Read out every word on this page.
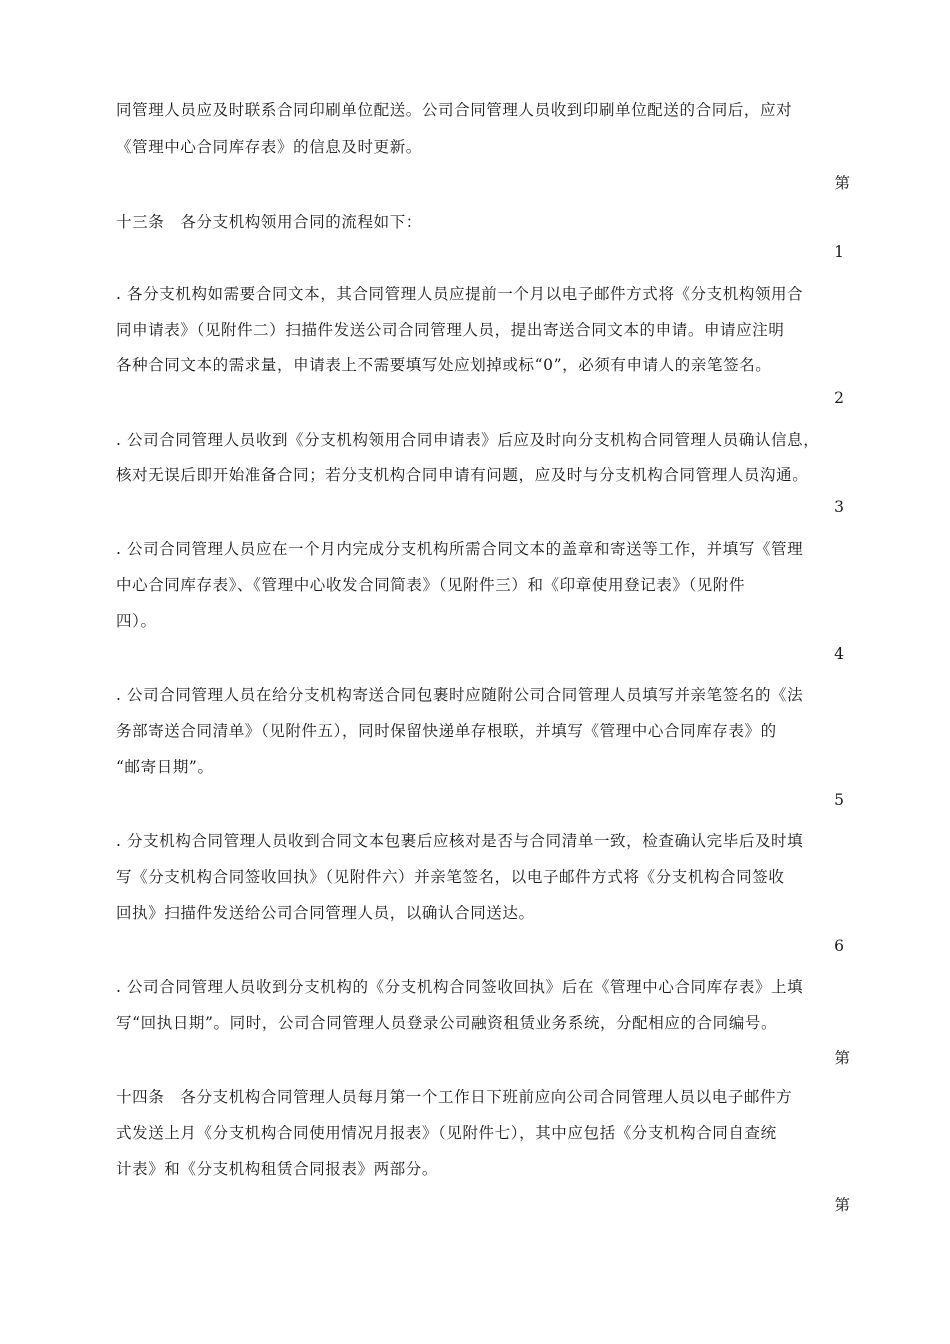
同管理人员应及时联系合同印刷单位配送。公司合同管理人员收到印刷单位配送的合同后，应对
《管理中心合同库存表》的信息及时更新。
第
十三条　各分支机构领用合同的流程如下：
1
. 各分支机构如需要合同文本，其合同管理人员应提前一个月以电子邮件方式将《分支机构领用合
同申请表》（见附件二）扫描件发送公司合同管理人员，提出寄送合同文本的申请。申请应注明
各种合同文本的需求量，申请表上不需要填写处应划掉或标“0”，必须有申请人的亲笔签名。
2
. 公司合同管理人员收到《分支机构领用合同申请表》后应及时向分支机构合同管理人员确认信息，
核对无误后即开始准备合同；若分支机构合同申请有问题，应及时与分支机构合同管理人员沟通。
3
. 公司合同管理人员应在一个月内完成分支机构所需合同文本的盖章和寄送等工作，并填写《管理
中心合同库存表》、《管理中心收发合同简表》（见附件三）和《印章使用登记表》（见附件
四）。
4
. 公司合同管理人员在给分支机构寄送合同包裹时应随附公司合同管理人员填写并亲笔签名的《法
务部寄送合同清单》（见附件五），同时保留快递单存根联，并填写《管理中心合同库存表》的
“邮寄日期”。
5
. 分支机构合同管理人员收到合同文本包裹后应核对是否与合同清单一致，检查确认完毕后及时填
写《分支机构合同签收回执》（见附件六）并亲笔签名，以电子邮件方式将《分支机构合同签收
回执》扫描件发送给公司合同管理人员，以确认合同送达。
6
. 公司合同管理人员收到分支机构的《分支机构合同签收回执》后在《管理中心合同库存表》上填
写“回执日期”。同时，公司合同管理人员登录公司融资租赁业务系统，分配相应的合同编号。
第
十四条　各分支机构合同管理人员每月第一个工作日下班前应向公司合同管理人员以电子邮件方
式发送上月《分支机构合同使用情况月报表》（见附件七），其中应包括《分支机构合同自查统
计表》和《分支机构租赁合同报表》两部分。
第
